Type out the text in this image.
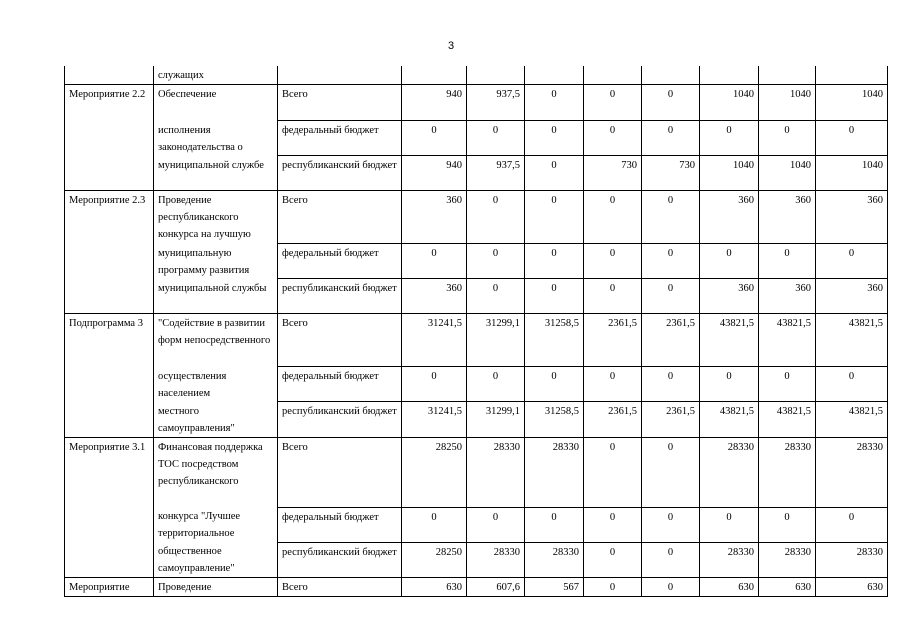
3
	служащих									
Мероприятие 2.2	Обеспечение	Всего	940	937,5	0	0	0	1040	1040	1040
	исполнения законодательства о	федеральный бюджет	0	0	0	0	0	0	0	0
	муниципальной службе	республиканский бюджет	940	937,5	0	730	730	1040	1040	1040
Мероприятие 2.3	Проведение республиканского конкурса на лучшую	Всего	360	0	0	0	0	360	360	360
	муниципальную программу развития	федеральный бюджет	0	0	0	0	0	0	0	0
	муниципальной службы	республиканский бюджет	360	0	0	0	0	360	360	360
Подпрограмма 3	"Содействие в развитии форм непосредственного	Всего	31241,5	31299,1	31258,5	2361,5	2361,5	43821,5	43821,5	43821,5
	осуществления населением	федеральный бюджет	0	0	0	0	0	0	0	0
	местного самоуправления"	республиканский бюджет	31241,5	31299,1	31258,5	2361,5	2361,5	43821,5	43821,5	43821,5
Мероприятие 3.1	Финансовая поддержка ТОС посредством республиканского	Всего	28250	28330	28330	0	0	28330	28330	28330
	конкурса "Лучшее территориальное	федеральный бюджет	0	0	0	0	0	0	0	0
	общественное самоуправление"	республиканский бюджет	28250	28330	28330	0	0	28330	28330	28330
Мероприятие	Проведение	Всего	630	607,6	567	0	0	630	630	630
